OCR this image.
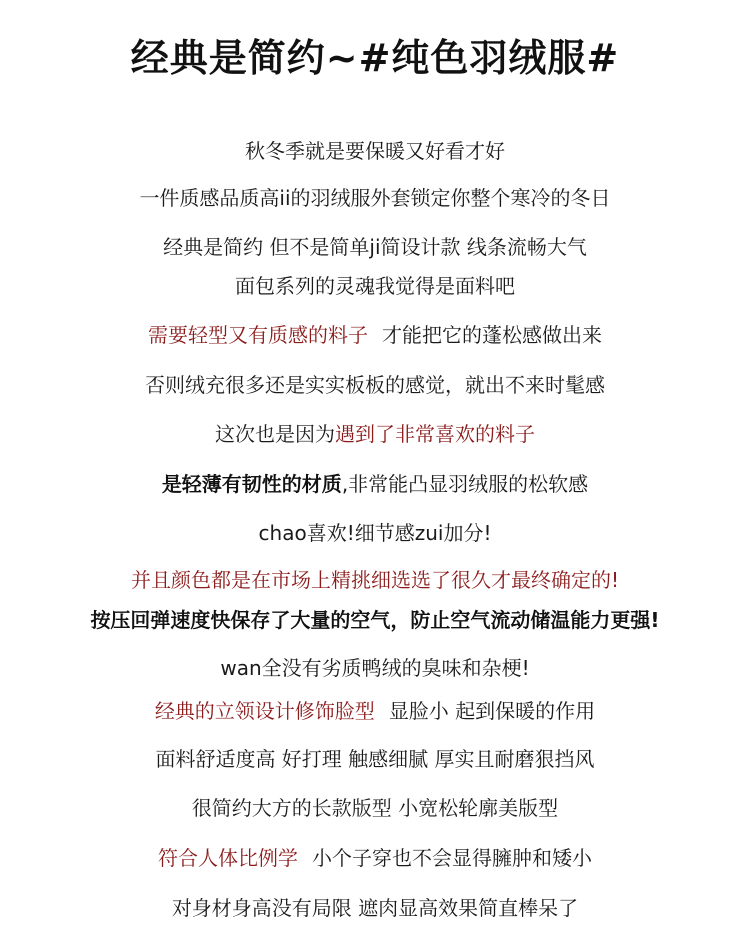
经典是简约~#纯色羽绒服#
秋冬季就是要保暖又好看才好
一件质感品质高ii的羽绒服外套锁定你整个寒冷的冬日
经典是简约 但不是简单ji简设计款 线条流畅大气
面包系列的灵魂我觉得是面料吧
需要轻型又有质感的料子 才能把它的蓬松感做出来
否则绒充很多还是实实板板的感觉，就出不来时髦感
这次也是因为遇到了非常喜欢的料子
是轻薄有韧性的材质,非常能凸显羽绒服的松软感
chao喜欢!细节感zui加分!
并且颜色都是在市场上精挑细选选了很久才最终确定的!
按压回弹速度快保存了大量的空气，防止空气流动储温能力更强!
wan全没有劣质鸭绒的臭味和杂梗!
经典的立领设计修饰脸型 显脸小 起到保暖的作用
面料舒适度高 好打理 触感细腻 厚实且耐磨狠挡风
很简约大方的长款版型 小宽松轮廓美版型
符合人体比例学 小个子穿也不会显得臃肿和矮小
对身材身高没有局限 遮肉显高效果简直棒呆了
